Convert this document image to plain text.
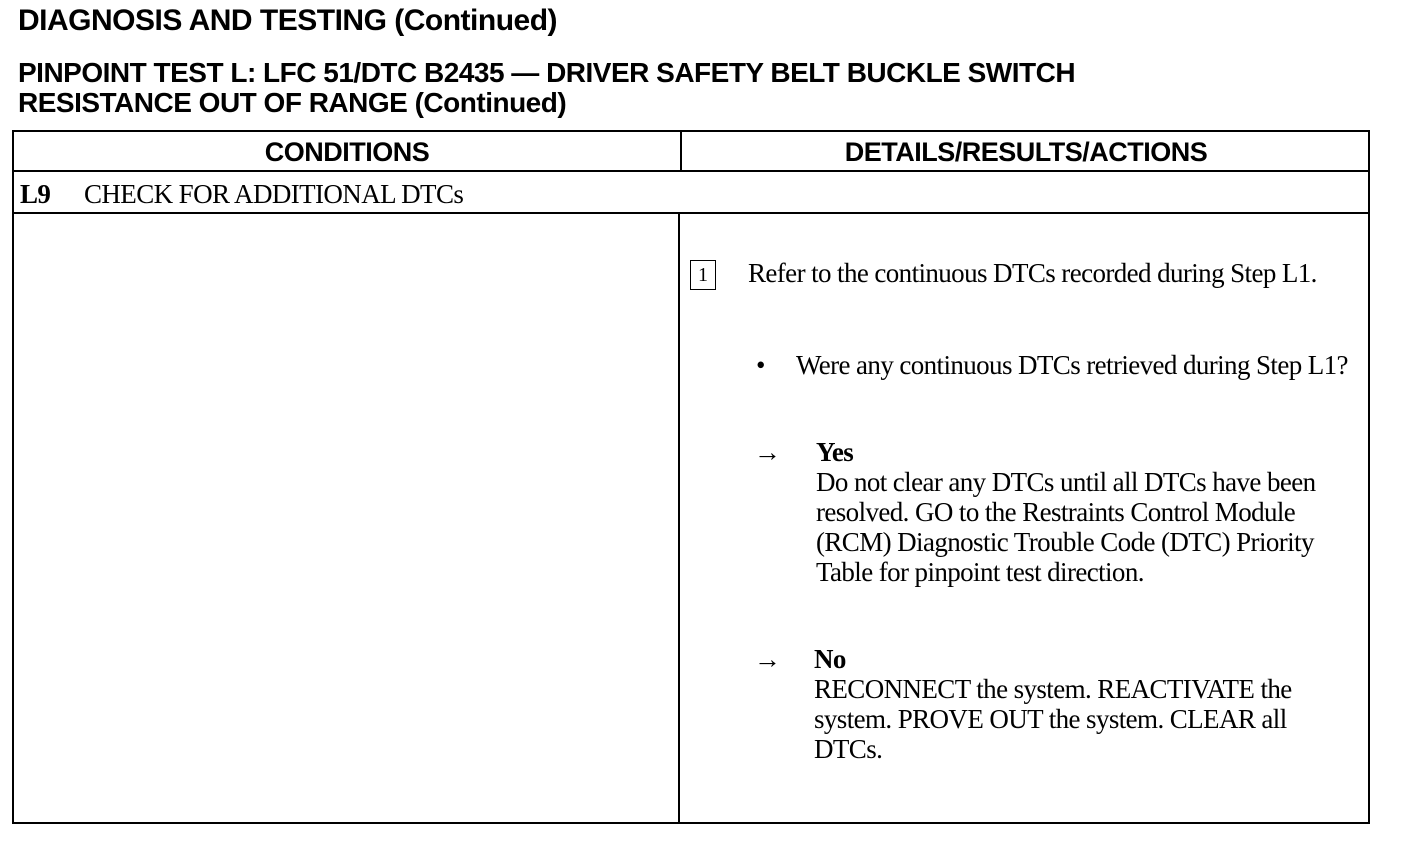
DIAGNOSIS AND TESTING (Continued)
PINPOINT TEST L: LFC 51/DTC B2435 — DRIVER SAFETY BELT BUCKLE SWITCH
RESISTANCE OUT OF RANGE (Continued)
CONDITIONS	DETAILS/RESULTS/ACTIONS
L9 CHECK FOR ADDITIONAL DTCs
1 Refer to the continuous DTCs recorded during Step L1.
• Were any continuous DTCs retrieved during Step L1?
→ Yes
Do not clear any DTCs until all DTCs have been resolved. GO to the Restraints Control Module (RCM) Diagnostic Trouble Code (DTC) Priority Table for pinpoint test direction.
→ No
RECONNECT the system. REACTIVATE the system. PROVE OUT the system. CLEAR all DTCs.
